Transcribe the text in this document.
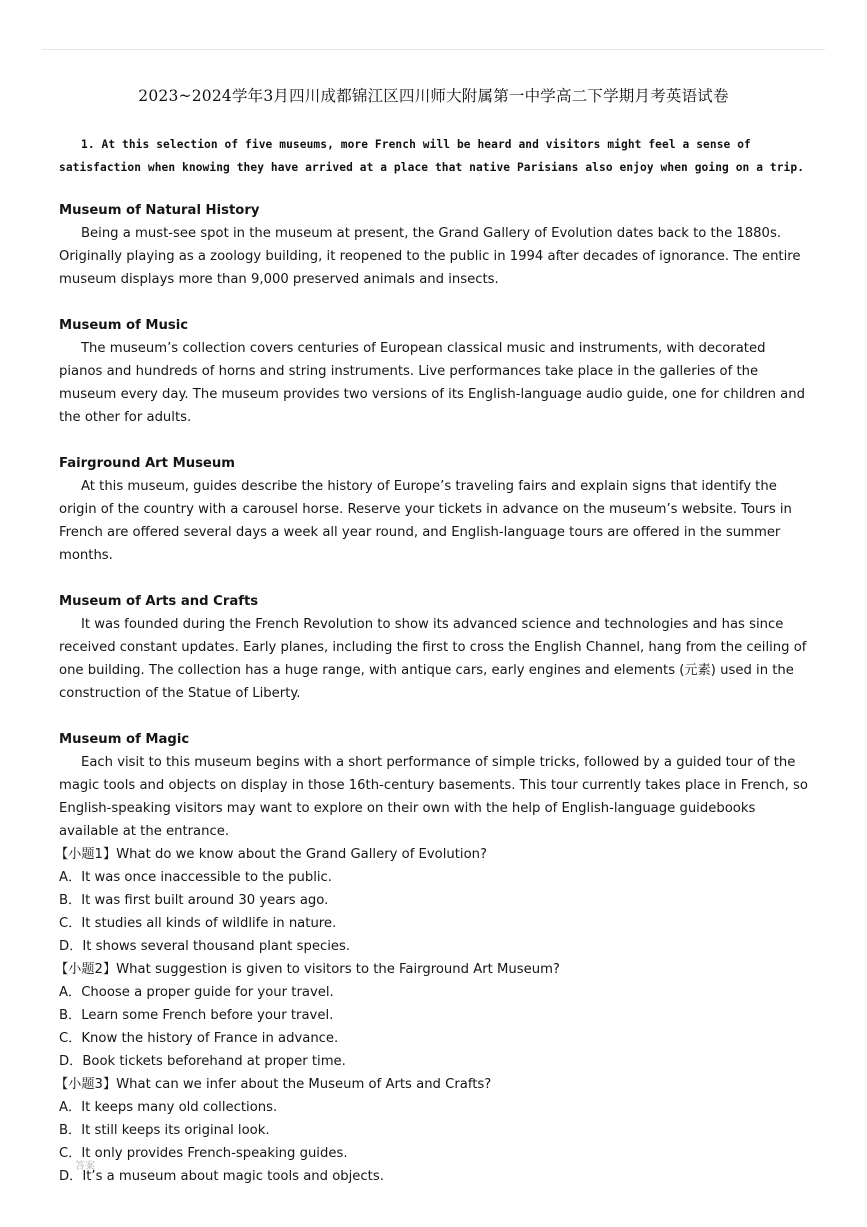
2023~2024学年3月四川成都锦江区四川师大附属第一中学高二下学期月考英语试卷

1. At this selection of five museums, more French will be heard and visitors might feel a sense of satisfaction when knowing they have arrived at a place that native Parisians also enjoy when going on a trip.

Museum of Natural History

Being a must-see spot in the museum at present, the Grand Gallery of Evolution dates back to the 1880s. Originally playing as a zoology building, it reopened to the public in 1994 after decades of ignorance. The entire museum displays more than 9,000 preserved animals and insects.

Museum of Music

The museum’s collection covers centuries of European classical music and instruments, with decorated pianos and hundreds of horns and string instruments. Live performances take place in the galleries of the museum every day. The museum provides two versions of its English-language audio guide, one for children and the other for adults.

Fairground Art Museum

At this museum, guides describe the history of Europe’s traveling fairs and explain signs that identify the origin of the country with a carousel horse. Reserve your tickets in advance on the museum’s website. Tours in French are offered several days a week all year round, and English-language tours are offered in the summer months.

Museum of Arts and Crafts

It was founded during the French Revolution to show its advanced science and technologies and has since received constant updates. Early planes, including the first to cross the English Channel, hang from the ceiling of one building. The collection has a huge range, with antique cars, early engines and elements (元素) used in the construction of the Statue of Liberty.

Museum of Magic

Each visit to this museum begins with a short performance of simple tricks, followed by a guided tour of the magic tools and objects on display in those 16th-century basements. This tour currently takes place in French, so English-speaking visitors may want to explore on their own with the help of English-language guidebooks available at the entrance.

【小题1】What do we know about the Grand Gallery of Evolution?

A．It was once inaccessible to the public.

B．It was first built around 30 years ago.

C．It studies all kinds of wildlife in nature.

D．It shows several thousand plant species.

【小题2】What suggestion is given to visitors to the Fairground Art Museum?

A．Choose a proper guide for your travel.

B．Learn some French before your travel.

C．Know the history of France in advance.

D．Book tickets beforehand at proper time.

【小题3】What can we infer about the Museum of Arts and Crafts?

A．It keeps many old collections.

B．It still keeps its original look.

C．It only provides French-speaking guides.

D．It’s a museum about magic tools and objects.

答案
